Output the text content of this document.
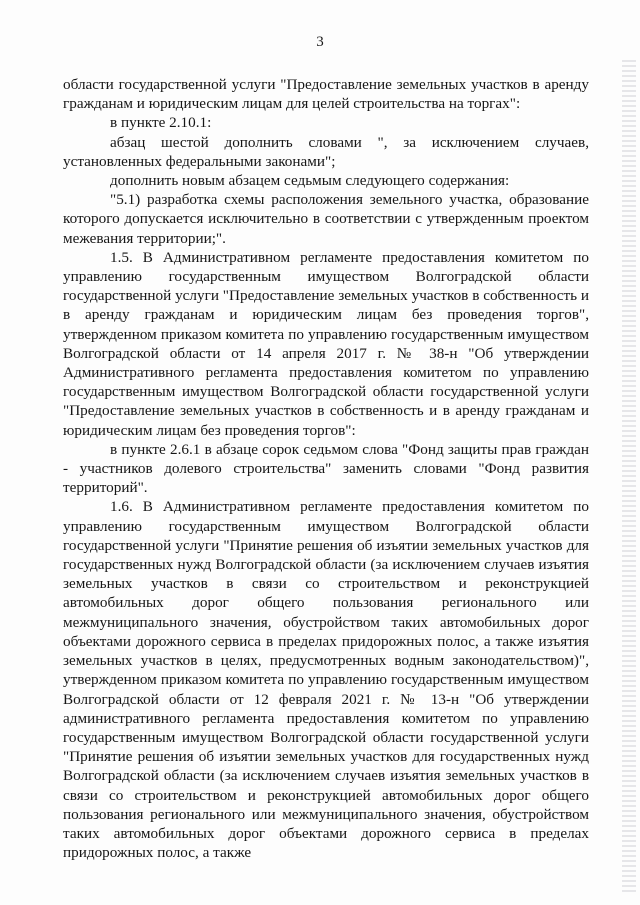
3

области государственной услуги "Предоставление земельных участков в аренду гражданам и юридическим лицам для целей строительства на торгах":

в пункте 2.10.1:

абзац шестой дополнить словами ", за исключением случаев, установленных федеральными законами";

дополнить новым абзацем седьмым следующего содержания:

"5.1) разработка схемы расположения земельного участка, образование которого допускается исключительно в соответствии с утвержденным проектом межевания территории;".

1.5. В Административном регламенте предоставления комитетом по управлению государственным имуществом Волгоградской области государственной услуги "Предоставление земельных участков в собственность и в аренду гражданам и юридическим лицам без проведения торгов", утвержденном приказом комитета по управлению государственным имуществом Волгоградской области от 14 апреля 2017 г. № 38-н "Об утверждении Административного регламента предоставления комитетом по управлению государственным имуществом Волгоградской области государственной услуги "Предоставление земельных участков в собственность и в аренду гражданам и юридическим лицам без проведения торгов":

в пункте 2.6.1 в абзаце сорок седьмом слова "Фонд защиты прав граждан - участников долевого строительства" заменить словами "Фонд развития территорий".

1.6. В Административном регламенте предоставления комитетом по управлению государственным имуществом Волгоградской области государственной услуги "Принятие решения об изъятии земельных участков для государственных нужд Волгоградской области (за исключением случаев изъятия земельных участков в связи со строительством и реконструкцией автомобильных дорог общего пользования регионального или межмуниципального значения, обустройством таких автомобильных дорог объектами дорожного сервиса в пределах придорожных полос, а также изъятия земельных участков в целях, предусмотренных водным законодательством)", утвержденном приказом комитета по управлению государственным имуществом Волгоградской области от 12 февраля 2021 г. № 13-н "Об утверждении административного регламента предоставления комитетом по управлению государственным имуществом Волгоградской области государственной услуги "Принятие решения об изъятии земельных участков для государственных нужд Волгоградской области (за исключением случаев изъятия земельных участков в связи со строительством и реконструкцией автомобильных дорог общего пользования регионального или межмуниципального значения, обустройством таких автомобильных дорог объектами дорожного сервиса в пределах придорожных полос, а также
